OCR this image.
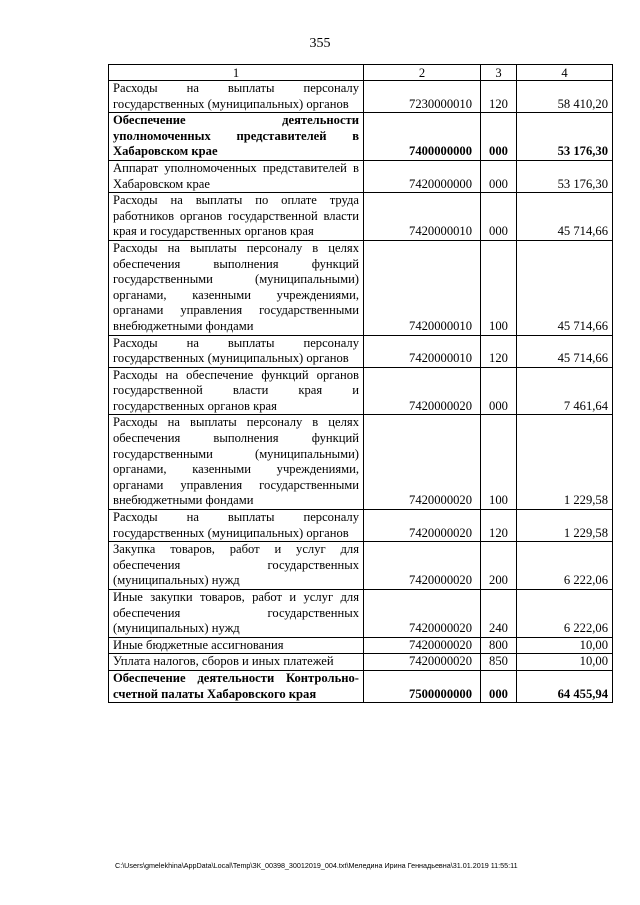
355
1	2	3	4
Расходы на выплаты персоналу государственных (муниципальных) органов	7230000010	120	58 410,20
Обеспечение деятельности уполномоченных представителей в Хабаровском крае	7400000000	000	53 176,30
Аппарат уполномоченных представителей в Хабаровском крае	7420000000	000	53 176,30
Расходы на выплаты по оплате труда работников органов государственной власти края и государственных органов края	7420000010	000	45 714,66
Расходы на выплаты персоналу в целях обеспечения выполнения функций государственными (муниципальными) органами, казенными учреждениями, органами управления государственными внебюджетными фондами	7420000010	100	45 714,66
Расходы на выплаты персоналу государственных (муниципальных) органов	7420000010	120	45 714,66
Расходы на обеспечение функций органов государственной власти края и государственных органов края	7420000020	000	7 461,64
Расходы на выплаты персоналу в целях обеспечения выполнения функций государственными (муниципальными) органами, казенными учреждениями, органами управления государственными внебюджетными фондами	7420000020	100	1 229,58
Расходы на выплаты персоналу государственных (муниципальных) органов	7420000020	120	1 229,58
Закупка товаров, работ и услуг для обеспечения государственных (муниципальных) нужд	7420000020	200	6 222,06
Иные закупки товаров, работ и услуг для обеспечения государственных (муниципальных) нужд	7420000020	240	6 222,06
Иные бюджетные ассигнования	7420000020	800	10,00
Уплата налогов, сборов и иных платежей	7420000020	850	10,00
Обеспечение деятельности Контрольно-счетной палаты Хабаровского края	7500000000	000	64 455,94
C:\Users\gmelekhina\AppData\Local\Temp\ЗК_00398_30012019_004.txt\Меледина Ирина Геннадьевна\31.01.2019 11:55:11
